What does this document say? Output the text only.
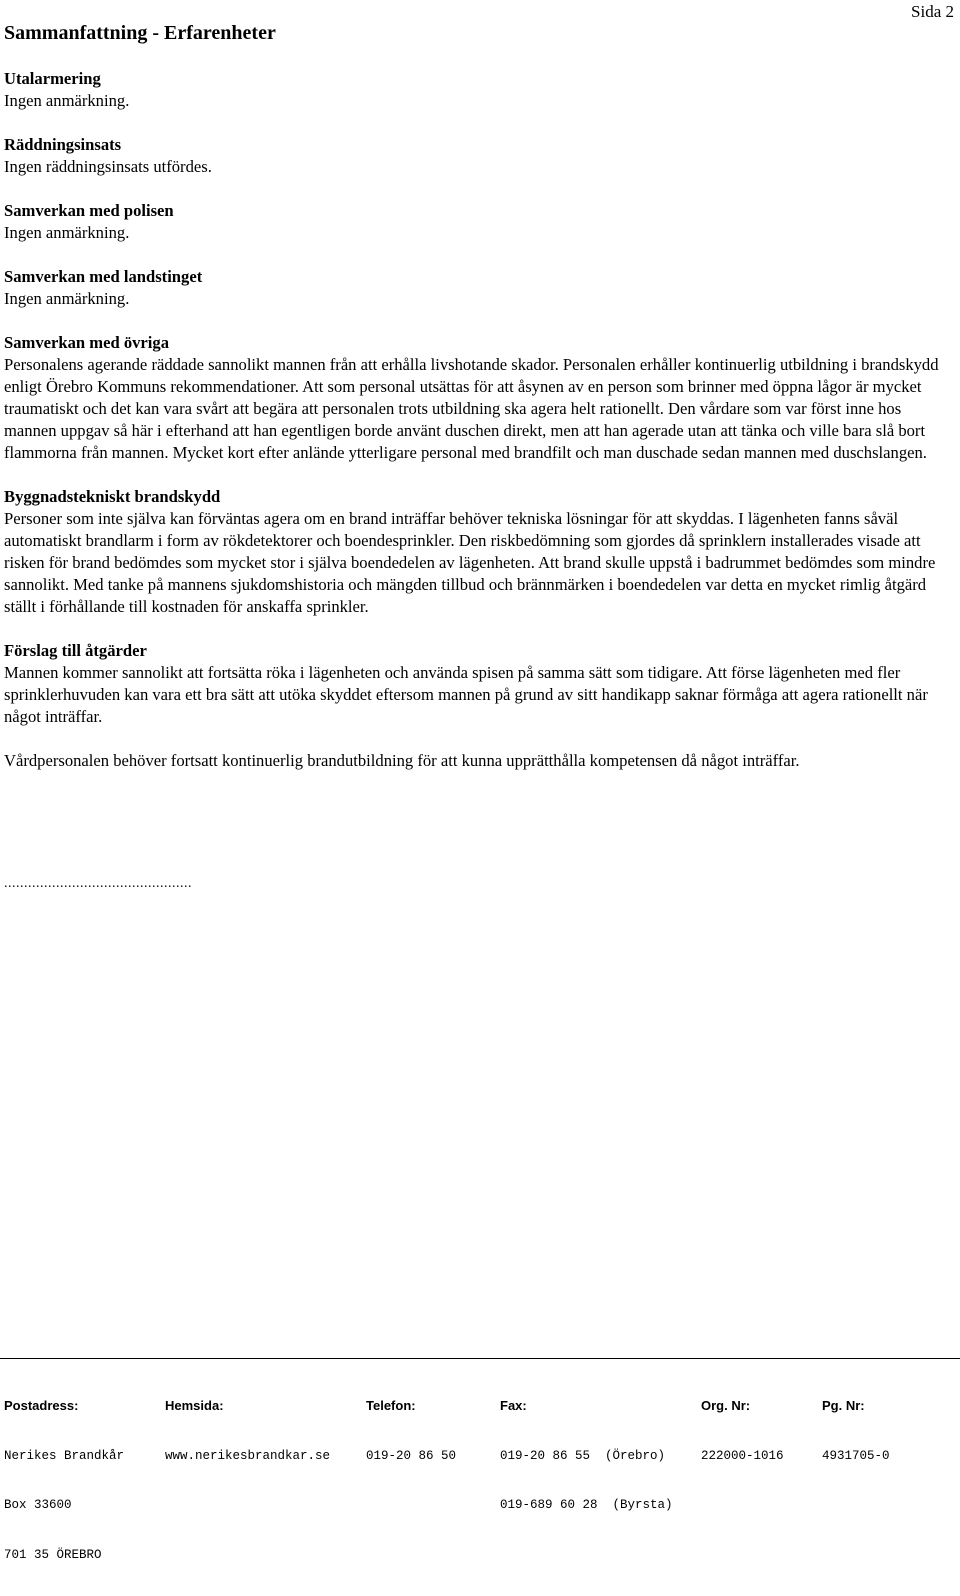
Sida 2
Sammanfattning - Erfarenheter
Utalarmering
Ingen anmärkning.
Räddningsinsats
Ingen räddningsinsats utfördes.
Samverkan med polisen
Ingen anmärkning.
Samverkan med landstinget
Ingen anmärkning.
Samverkan med övriga
Personalens agerande räddade sannolikt mannen från att erhålla livshotande skador. Personalen erhåller kontinuerlig utbildning i brandskydd enligt Örebro Kommuns rekommendationer. Att som personal utsättas för att åsynen av en person som brinner med öppna lågor är mycket traumatiskt och det kan vara svårt att begära att personalen trots utbildning ska agera helt rationellt. Den vårdare som var först inne hos mannen uppgav så här i efterhand att han egentligen borde använt duschen direkt, men att han agerade utan att tänka och ville bara slå bort flammorna från mannen. Mycket kort efter anlände ytterligare personal med brandfilt och man duschade sedan mannen med duschslangen.
Byggnadstekniskt brandskydd
Personer som inte själva kan förväntas agera om en brand inträffar behöver tekniska lösningar för att skyddas. I lägenheten fanns såväl automatiskt brandlarm i form av rökdetektorer och boendesprinkler. Den riskbedömning som gjordes då sprinklern installerades visade att risken för brand bedömdes som mycket stor i själva boendedelen av lägenheten. Att brand skulle uppstå i badrummet bedömdes som mindre sannolikt. Med tanke på mannens sjukdomshistoria och mängden tillbud och brännmärken i boendedelen var detta en mycket rimlig åtgärd ställt i förhållande till kostnaden för anskaffa sprinkler.
Förslag till åtgärder
Mannen kommer sannolikt att fortsätta röka i lägenheten och använda spisen på samma sätt som tidigare. Att förse lägenheten med fler sprinklerhuvuden kan vara ett bra sätt att utöka skyddet eftersom mannen på grund av sitt handikapp saknar förmåga att agera rationellt när något inträffar.
Vårdpersonalen behöver fortsatt kontinuerlig brandutbildning för att kunna upprätthålla kompetensen då något inträffar.
...............................................

Postadress:

Nerikes Brandkår

Box 33600

701 35 ÖREBRO

Hemsida:

www.nerikesbrandkar.se

Telefon:

019-20 86 50

Fax:

019-20 86 55  (Örebro)

019-689 60 28  (Byrsta)

Org. Nr:

222000-1016

Pg. Nr:

4931705-0
